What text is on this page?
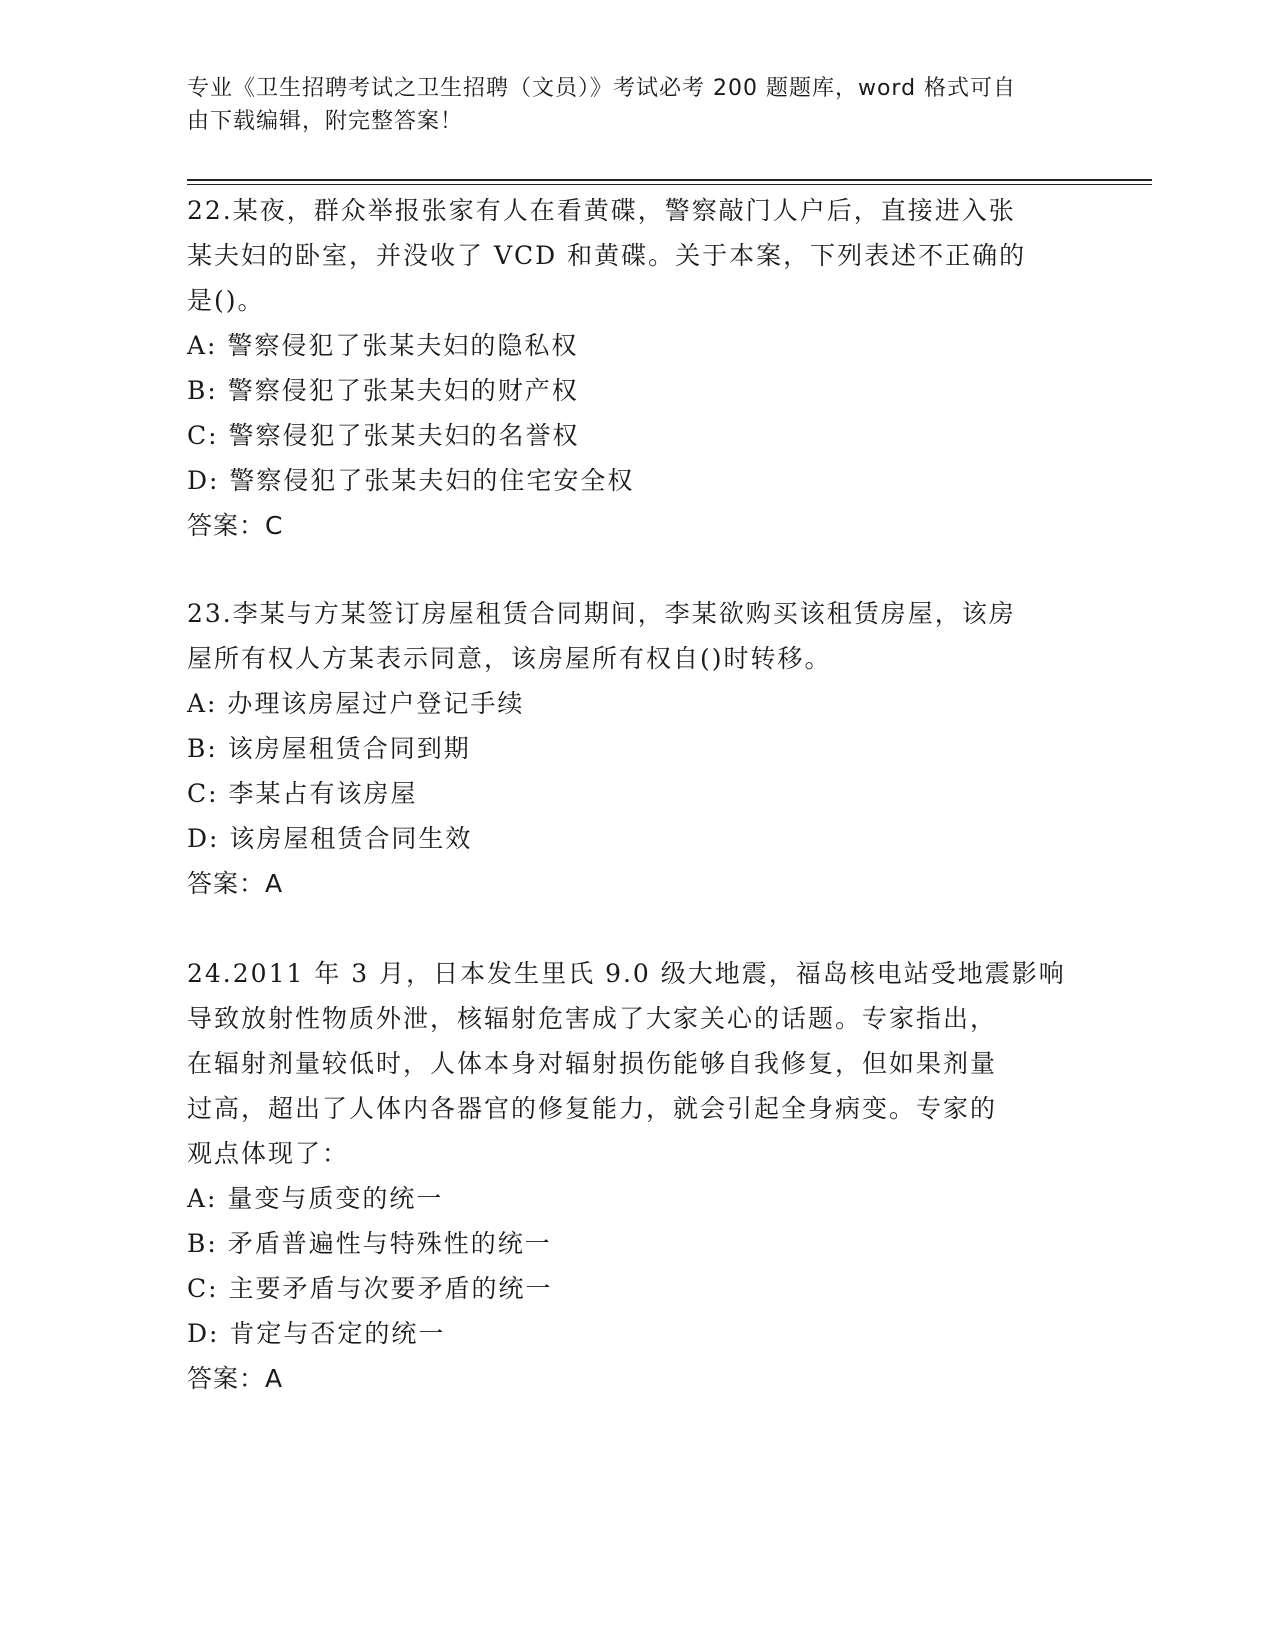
专业《卫生招聘考试之卫生招聘（文员）》考试必考 200 题题库，word 格式可自
由下载编辑，附完整答案！

22.某夜，群众举报张家有人在看黄碟，警察敲门人户后，直接进入张

某夫妇的卧室，并没收了 VCD 和黄碟。关于本案，下列表述不正确的

是()。

A: 警察侵犯了张某夫妇的隐私权

B: 警察侵犯了张某夫妇的财产权

C: 警察侵犯了张某夫妇的名誉权

D: 警察侵犯了张某夫妇的住宅安全权

答案：C

23.李某与方某签订房屋租赁合同期间，李某欲购买该租赁房屋，该房

屋所有权人方某表示同意，该房屋所有权自()时转移。

A: 办理该房屋过户登记手续

B: 该房屋租赁合同到期

C: 李某占有该房屋

D: 该房屋租赁合同生效

答案：A

24.2011 年 3 月，日本发生里氏 9.0 级大地震，福岛核电站受地震影响

导致放射性物质外泄，核辐射危害成了大家关心的话题。专家指出，

在辐射剂量较低时，人体本身对辐射损伤能够自我修复，但如果剂量

过高，超出了人体内各器官的修复能力，就会引起全身病变。专家的

观点体现了：

A: 量变与质变的统一

B: 矛盾普遍性与特殊性的统一

C: 主要矛盾与次要矛盾的统一

D: 肯定与否定的统一

答案：A
